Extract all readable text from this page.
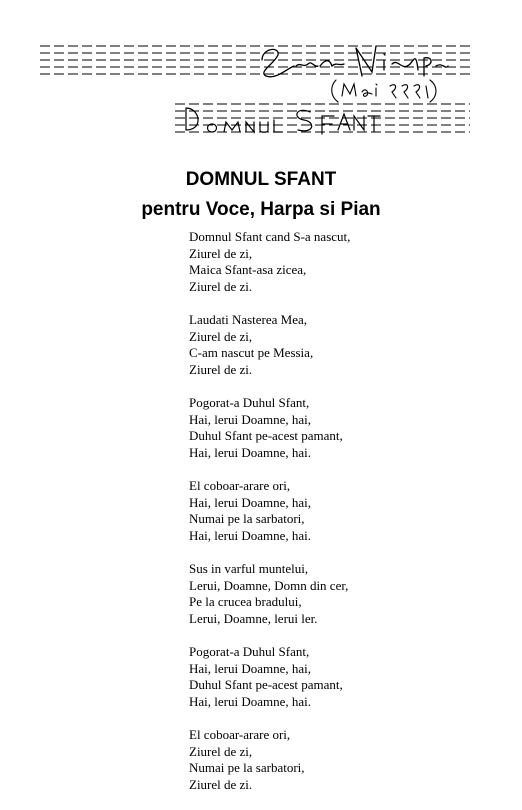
DOMNUL SFANT
pentru Voce, Harpa si Pian
Domnul Sfant cand S-a nascut,
Ziurel de zi,
Maica Sfant-asa zicea,
Ziurel de zi.
Laudati Nasterea Mea,
Ziurel de zi,
C-am nascut pe Messia,
Ziurel de zi.
Pogorat-a Duhul Sfant,
Hai, lerui Doamne, hai,
Duhul Sfant pe-acest pamant,
Hai, lerui Doamne, hai.
El coboar-arare ori,
Hai, lerui Doamne, hai,
Numai pe la sarbatori,
Hai, lerui Doamne, hai.
Sus in varful muntelui,
Lerui, Doamne, Domn din cer,
Pe la crucea bradului,
Lerui, Doamne, lerui ler.
Pogorat-a Duhul Sfant,
Hai, lerui Doamne, hai,
Duhul Sfant pe-acest pamant,
Hai, lerui Doamne, hai.
El coboar-arare ori,
Ziurel de zi,
Numai pe la sarbatori,
Ziurel de zi.
